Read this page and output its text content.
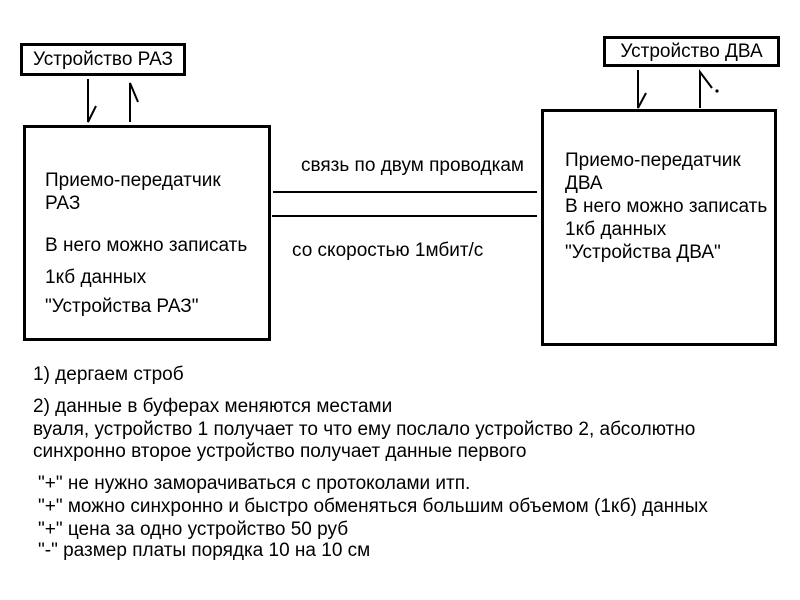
Устройство РАЗ	Устройство ДВА
Приемо-передатчик
РАЗ
В него можно записать
1кб данных
"Устройства РАЗ"
Приемо-передатчик
ДВА
В него можно записать
1кб данных
"Устройства ДВА"
связь по двум проводкам
со скоростью 1мбит/с
1) дергаем строб
2) данные в буферах меняются местами
вуаля, устройство 1 получает то что ему послало устройство 2, абсолютно
синхронно второе устройство получает данные первого
"+" не нужно заморачиваться с протоколами итп.
"+" можно синхронно и быстро обменяться большим объемом (1кб) данных
"+" цена за одно устройство 50 руб
"-" размер платы порядка 10 на 10 см
